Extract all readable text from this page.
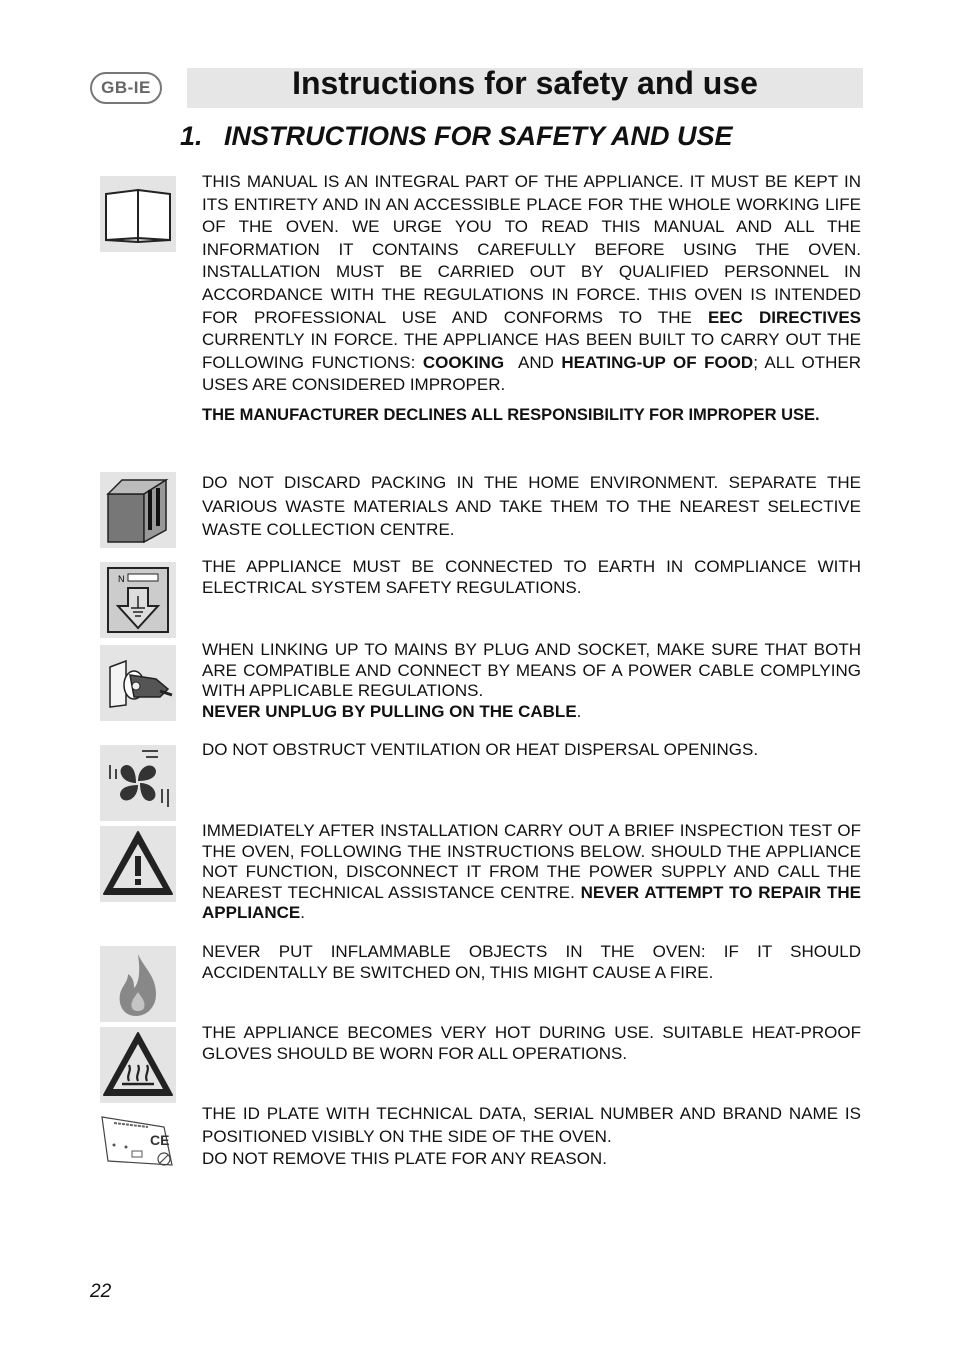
GB-IE	Instructions for safety and use
1. INSTRUCTIONS FOR SAFETY AND USE

THIS MANUAL IS AN INTEGRAL PART OF THE APPLIANCE. IT MUST BE KEPT IN ITS ENTIRETY AND IN AN ACCESSIBLE PLACE FOR THE WHOLE WORKING LIFE OF THE OVEN. WE URGE YOU TO READ THIS MANUAL AND ALL THE INFORMATION IT CONTAINS CAREFULLY BEFORE USING THE OVEN. INSTALLATION MUST BE CARRIED OUT BY QUALIFIED PERSONNEL IN ACCORDANCE WITH THE REGULATIONS IN FORCE. THIS OVEN IS INTENDED FOR PROFESSIONAL USE AND CONFORMS TO THE EEC DIRECTIVES CURRENTLY IN FORCE. THE APPLIANCE HAS BEEN BUILT TO CARRY OUT THE FOLLOWING FUNCTIONS: COOKING  AND HEATING-UP OF FOOD; ALL OTHER USES ARE CONSIDERED IMPROPER.

THE MANUFACTURER DECLINES ALL RESPONSIBILITY FOR IMPROPER USE.

DO NOT DISCARD PACKING IN THE HOME ENVIRONMENT. SEPARATE THE VARIOUS WASTE MATERIALS AND TAKE THEM TO THE NEAREST SELECTIVE WASTE COLLECTION CENTRE.
N
THE APPLIANCE MUST BE CONNECTED TO EARTH IN COMPLIANCE WITH ELECTRICAL SYSTEM SAFETY REGULATIONS.

WHEN LINKING UP TO MAINS BY PLUG AND SOCKET, MAKE SURE THAT BOTH ARE COMPATIBLE AND CONNECT BY MEANS OF A POWER CABLE COMPLYING WITH APPLICABLE REGULATIONS.

NEVER UNPLUG BY PULLING ON THE CABLE.

DO NOT OBSTRUCT VENTILATION OR HEAT DISPERSAL OPENINGS.

IMMEDIATELY AFTER INSTALLATION CARRY OUT A BRIEF INSPECTION TEST OF THE OVEN, FOLLOWING THE INSTRUCTIONS BELOW. SHOULD THE APPLIANCE NOT FUNCTION, DISCONNECT IT FROM THE POWER SUPPLY AND CALL THE NEAREST TECHNICAL ASSISTANCE CENTRE. NEVER ATTEMPT TO REPAIR THE APPLIANCE.

NEVER PUT INFLAMMABLE OBJECTS IN THE OVEN: IF IT SHOULD ACCIDENTALLY BE SWITCHED ON, THIS MIGHT CAUSE A FIRE.
THE APPLIANCE BECOMES VERY HOT DURING USE. SUITABLE HEAT-PROOF GLOVES SHOULD BE WORN FOR ALL OPERATIONS.
CE

THE ID PLATE WITH TECHNICAL DATA, SERIAL NUMBER AND BRAND NAME IS POSITIONED VISIBLY ON THE SIDE OF THE OVEN.

DO NOT REMOVE THIS PLATE FOR ANY REASON.

22
